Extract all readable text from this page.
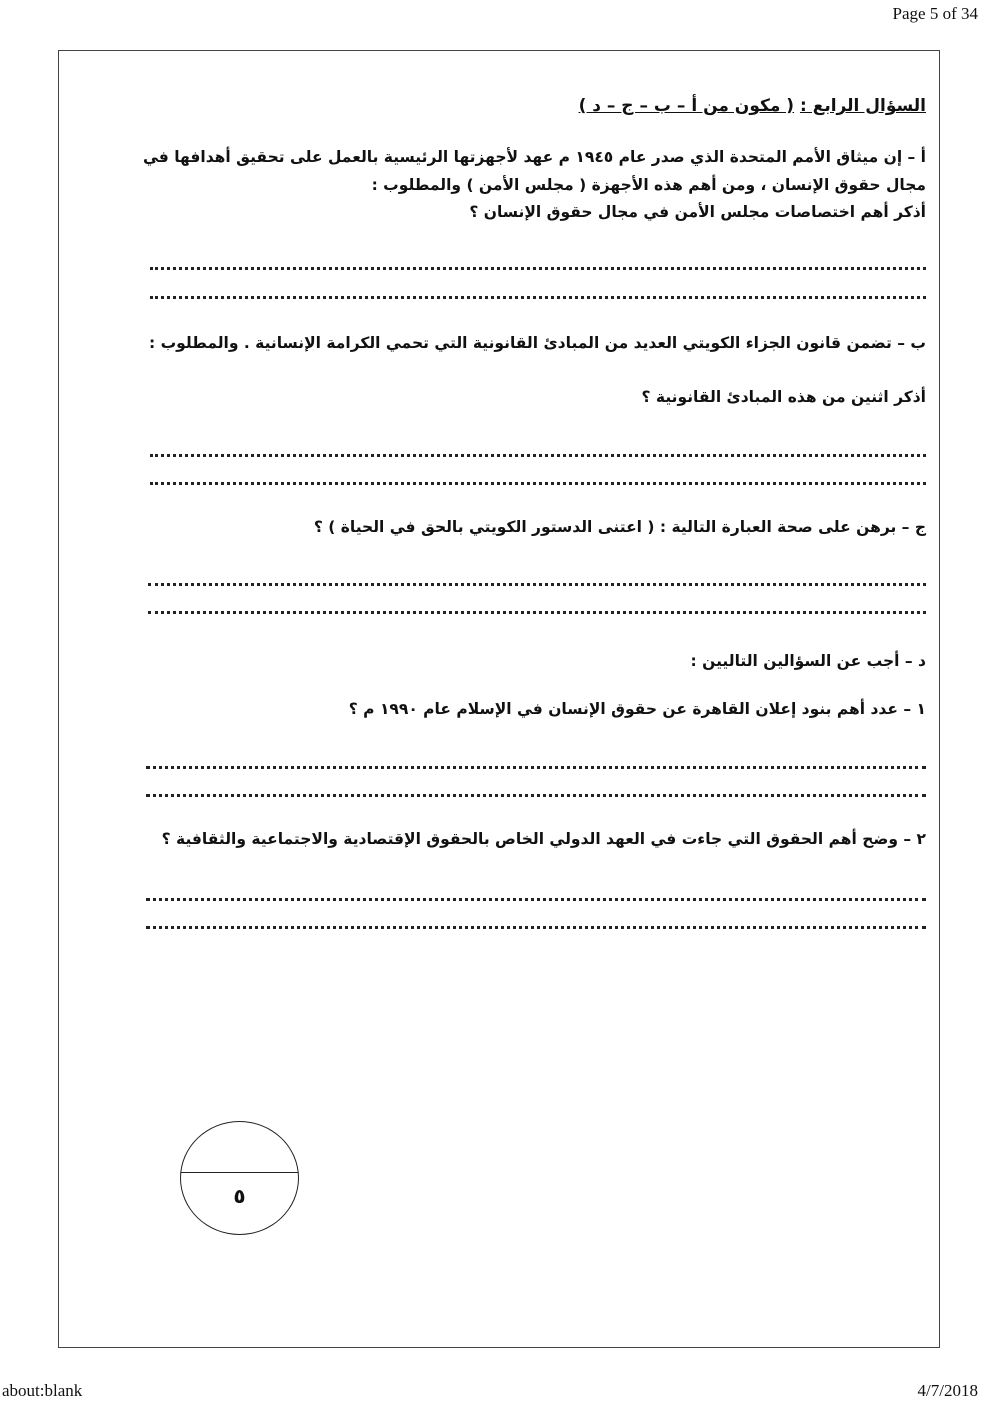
Page 5 of 34
السؤال الرابع : ( مكون من أ – ب – ج – د )
أ – إن ميثاق الأمم المتحدة الذي صدر عام ١٩٤٥ م عهد لأجهزتها الرئيسية بالعمل على تحقيق أهدافها في
مجال حقوق الإنسان ، ومن أهم هذه الأجهزة ( مجلس الأمن ) والمطلوب :
أذكر أهم اختصاصات مجلس الأمن في مجال حقوق الإنسان ؟
ب – تضمن قانون الجزاء الكويتي العديد من المبادئ القانونية التي تحمي الكرامة الإنسانية . والمطلوب :
أذكر اثنين من هذه المبادئ القانونية ؟
ج – برهن على صحة العبارة التالية : ( اعتنى الدستور الكويتي بالحق في الحياة ) ؟
د – أجب عن السؤالين التاليين :
١ – عدد أهم بنود إعلان القاهرة عن حقوق الإنسان في الإسلام عام ١٩٩٠ م ؟
٢ – وضح أهم الحقوق التي جاءت في العهد الدولي الخاص بالحقوق الإقتصادية والاجتماعية والثقافية ؟
٥
about:blank	4/7/2018
